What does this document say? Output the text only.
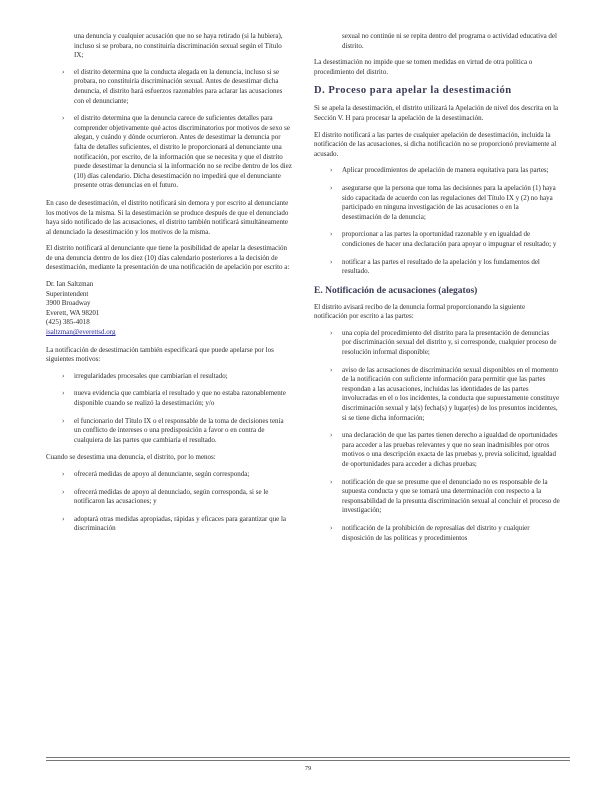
una denuncia y cualquier acusación que no se haya retirado (si la hubiera), incluso si se probara, no constituiría discriminación sexual según el Título IX;

› el distrito determina que la conducta alegada en la denuncia, incluso si se probara, no constituiría discriminación sexual. Antes de desestimar dicha denuncia, el distrito hará esfuerzos razonables para aclarar las acusaciones con el denunciante;
› el distrito determina que la denuncia carece de suficientes detalles para comprender objetivamente qué actos discriminatorios por motivos de sexo se alegan, y cuándo y dónde ocurrieron. Antes de desestimar la denuncia por falta de detalles suficientes, el distrito le proporcionará al denunciante una notificación, por escrito, de la información que se necesita y que el distrito puede desestimar la denuncia si la información no se recibe dentro de los diez (10) días calendario. Dicha desestimación no impedirá que el denunciante presente otras denuncias en el futuro.

En caso de desestimación, el distrito notificará sin demora y por escrito al denunciante los motivos de la misma. Si la desestimación se produce después de que el denunciado haya sido notificado de las acusaciones, el distrito también notificará simultáneamente al denunciado la desestimación y los motivos de la misma.

El distrito notificará al denunciante que tiene la posibilidad de apelar la desestimación de una denuncia dentro de los diez (10) días calendario posteriores a la decisión de desestimación, mediante la presentación de una notificación de apelación por escrito a:

Dr. Ian Saltzman
Superintendent
3900 Broadway
Everett, WA 98201
(425) 385-4018
isaltzman@everettsd.org

La notificación de desestimación también especificará que puede apelarse por los siguientes motivos:

› irregularidades procesales que cambiarían el resultado;
› nueva evidencia que cambiaría el resultado y que no estaba razonablemente disponible cuando se realizó la desestimación; y/o
› el funcionario del Título IX o el responsable de la toma de decisiones tenía un conflicto de intereses o una predisposición a favor o en contra de cualquiera de las partes que cambiaría el resultado.

Cuando se desestima una denuncia, el distrito, por lo menos:

› ofrecerá medidas de apoyo al denunciante, según corresponda;
› ofrecerá medidas de apoyo al denunciado, según corresponda, si se le notificaron las acusaciones; y
› adoptará otras medidas apropiadas, rápidas y eficaces para garantizar que la discriminación

sexual no continúe ni se repita dentro del programa o actividad educativa del distrito.

La desestimación no impide que se tomen medidas en virtud de otra política o procedimiento del distrito.

D. Proceso para apelar la desestimación

Si se apela la desestimación, el distrito utilizará la Apelación de nivel dos descrita en la Sección V. H para procesar la apelación de la desestimación.

El distrito notificará a las partes de cualquier apelación de desestimación, incluida la notificación de las acusaciones, si dicha notificación no se proporcionó previamente al acusado.

› Aplicar procedimientos de apelación de manera equitativa para las partes;
› asegurarse que la persona que toma las decisiones para la apelación (1) haya sido capacitada de acuerdo con las regulaciones del Título IX y (2) no haya participado en ninguna investigación de las acusaciones o en la desestimación de la denuncia;
› proporcionar a las partes la oportunidad razonable y en igualdad de condiciones de hacer una declaración para apoyar o impugnar el resultado; y
› notificar a las partes el resultado de la apelación y los fundamentos del resultado.
E. Notificación de acusaciones (alegatos)

El distrito avisará recibo de la denuncia formal proporcionando la siguiente notificación por escrito a las partes:

› una copia del procedimiento del distrito para la presentación de denuncias por discriminación sexual del distrito y, si corresponde, cualquier proceso de resolución informal disponible;
› aviso de las acusaciones de discriminación sexual disponibles en el momento de la notificación con suficiente información para permitir que las partes respondan a las acusaciones, incluidas las identidades de las partes involucradas en el o los incidentes, la conducta que supuestamente constituye discriminación sexual y la(s) fecha(s) y lugar(es) de los presuntos incidentes, si se tiene dicha información;
› una declaración de que las partes tienen derecho a igualdad de oportunidades para acceder a las pruebas relevantes y que no sean inadmisibles por otros motivos o una descripción exacta de las pruebas y, previa solicitud, igualdad de oportunidades para acceder a dichas pruebas;
› notificación de que se presume que el denunciado no es responsable de la supuesta conducta y que se tomará una determinación con respecto a la responsabilidad de la presunta discriminación sexual al concluir el proceso de investigación;
› notificación de la prohibición de represalias del distrito y cualquier disposición de las políticas y procedimientos
79
